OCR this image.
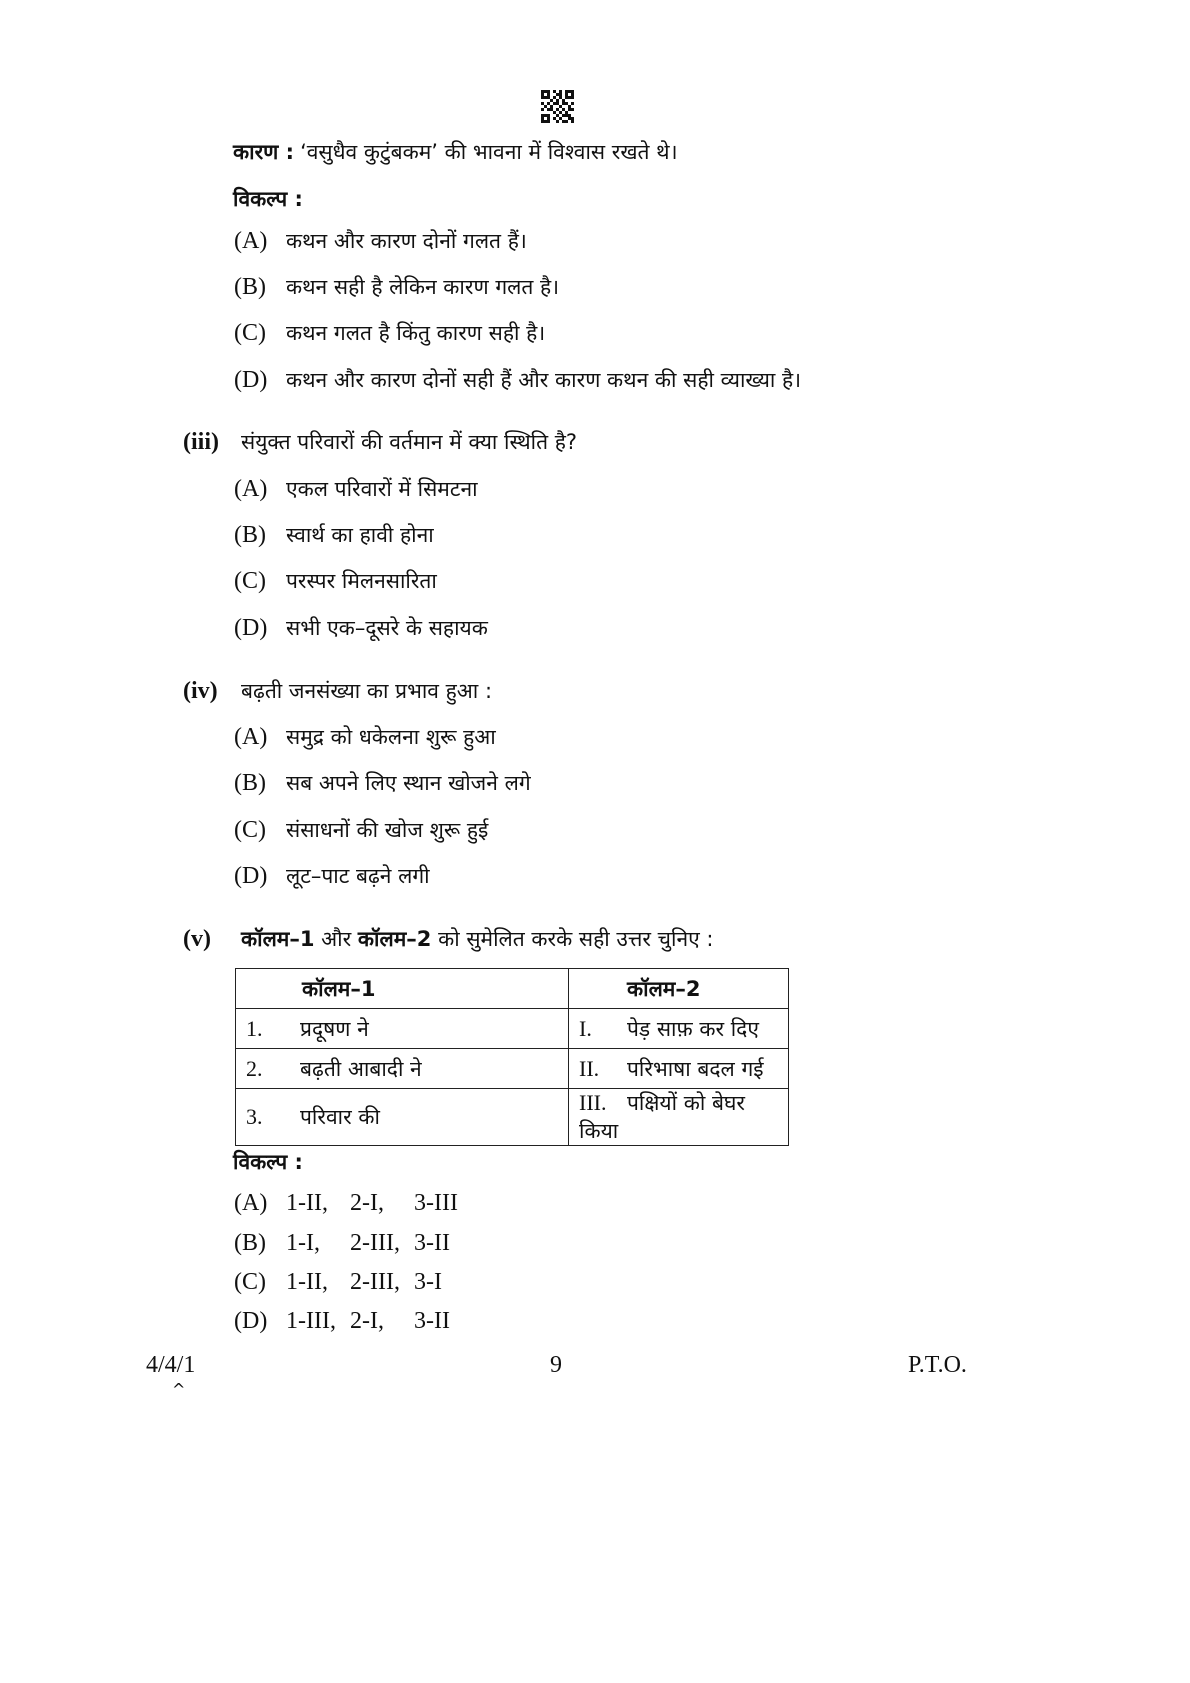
कारण : ‘वसुधैव कुटुंबकम’ की भावना में विश्वास रखते थे।
विकल्प :
(A) कथन और कारण दोनों गलत हैं।
(B) कथन सही है लेकिन कारण गलत है।
(C) कथन गलत है किंतु कारण सही है।
(D) कथन और कारण दोनों सही हैं और कारण कथन की सही व्याख्या है।
(iii) संयुक्त परिवारों की वर्तमान में क्या स्थिति है?
(A) एकल परिवारों में सिमटना
(B) स्वार्थ का हावी होना
(C) परस्पर मिलनसारिता
(D) सभी एक–दूसरे के सहायक
(iv) बढ़ती जनसंख्या का प्रभाव हुआ :
(A) समुद्र को धकेलना शुरू हुआ
(B) सब अपने लिए स्थान खोजने लगे
(C) संसाधनों की खोज शुरू हुई
(D) लूट–पाट बढ़ने लगी
(v) कॉलम–1 और कॉलम–2 को सुमेलित करके सही उत्तर चुनिए :
कॉलम–1	कॉलम–2
1. प्रदूषण ने	I. पेड़ साफ़ कर दिए
2. बढ़ती आबादी ने	II. परिभाषा बदल गई
3. परिवार की	III. पक्षियों को बेघर किया
विकल्प :
(A) 1-II, 2-I, 3-III
(B) 1-I, 2-III, 3-II
(C) 1-II, 2-III, 3-I
(D) 1-III, 2-I, 3-II
4/4/1
^
9	P.T.O.
